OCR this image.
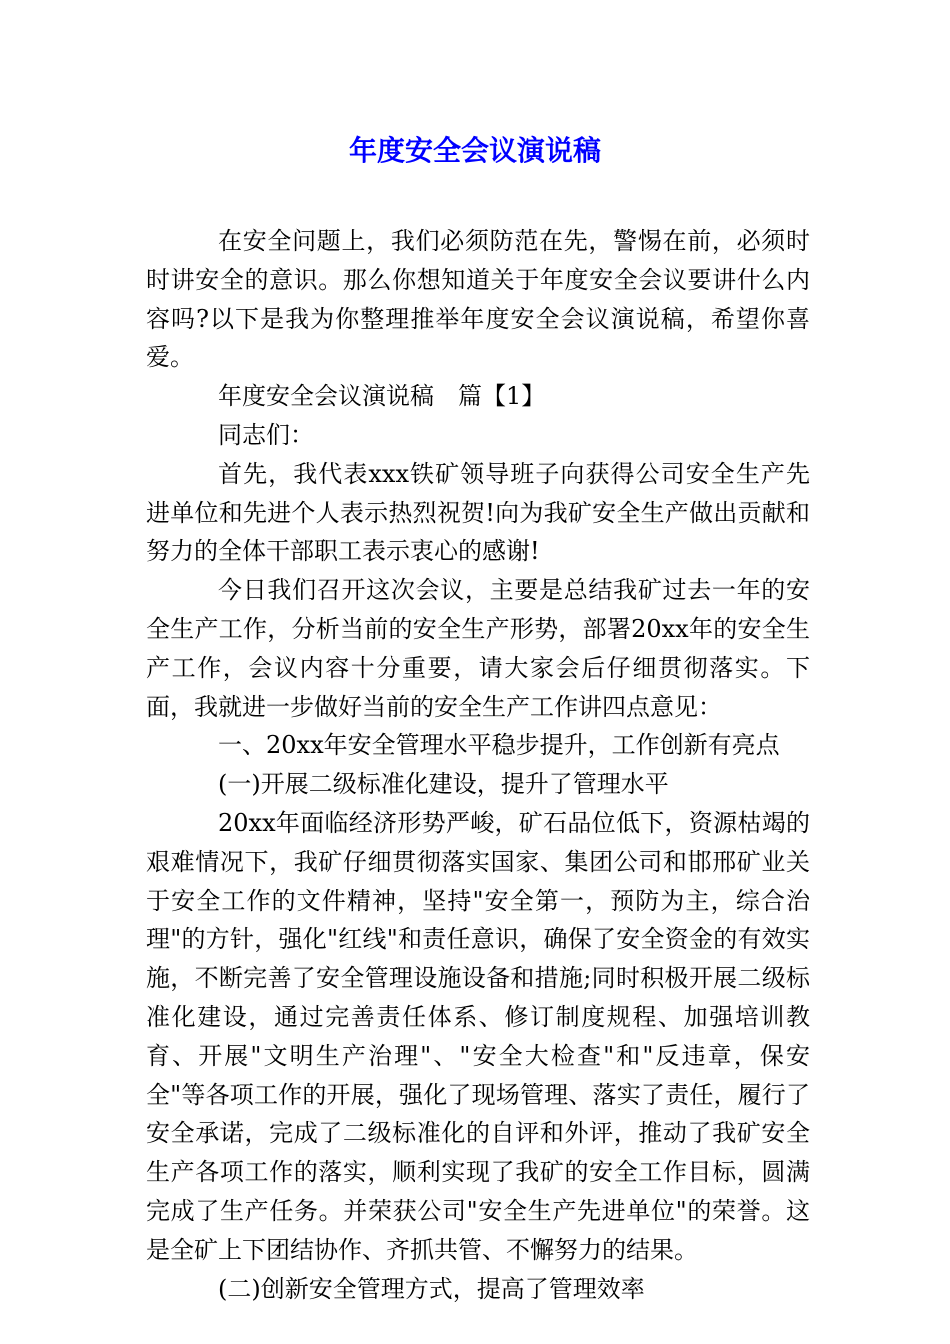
年度安全会议演说稿

在安全问题上，我们必须防范在先，警惕在前，必须时时讲安全的意识。那么你想知道关于年度安全会议要讲什么内容吗?以下是我为你整理推举年度安全会议演说稿，希望你喜爱。

年度安全会议演说稿　篇【1】

同志们：

首先，我代表xxx铁矿领导班子向获得公司安全生产先进单位和先进个人表示热烈祝贺!向为我矿安全生产做出贡献和努力的全体干部职工表示衷心的感谢!

今日我们召开这次会议，主要是总结我矿过去一年的安全生产工作，分析当前的安全生产形势，部署20xx年的安全生产工作，会议内容十分重要，请大家会后仔细贯彻落实。下面，我就进一步做好当前的安全生产工作讲四点意见：

一、20xx年安全管理水平稳步提升，工作创新有亮点

(一)开展二级标准化建设，提升了管理水平

20xx年面临经济形势严峻，矿石品位低下，资源枯竭的艰难情况下，我矿仔细贯彻落实国家、集团公司和邯邢矿业关于安全工作的文件精神，坚持"安全第一，预防为主，综合治理"的方针，强化"红线"和责任意识，确保了安全资金的有效实施，不断完善了安全管理设施设备和措施;同时积极开展二级标准化建设，通过完善责任体系、修订制度规程、加强培训教育、开展"文明生产治理"、"安全大检查"和"反违章，保安全"等各项工作的开展，强化了现场管理、落实了责任，履行了安全承诺，完成了二级标准化的自评和外评，推动了我矿安全生产各项工作的落实，顺利实现了我矿的安全工作目标，圆满完成了生产任务。并荣获公司"安全生产先进单位"的荣誉。这是全矿上下团结协作、齐抓共管、不懈努力的结果。

(二)创新安全管理方式，提高了管理效率
